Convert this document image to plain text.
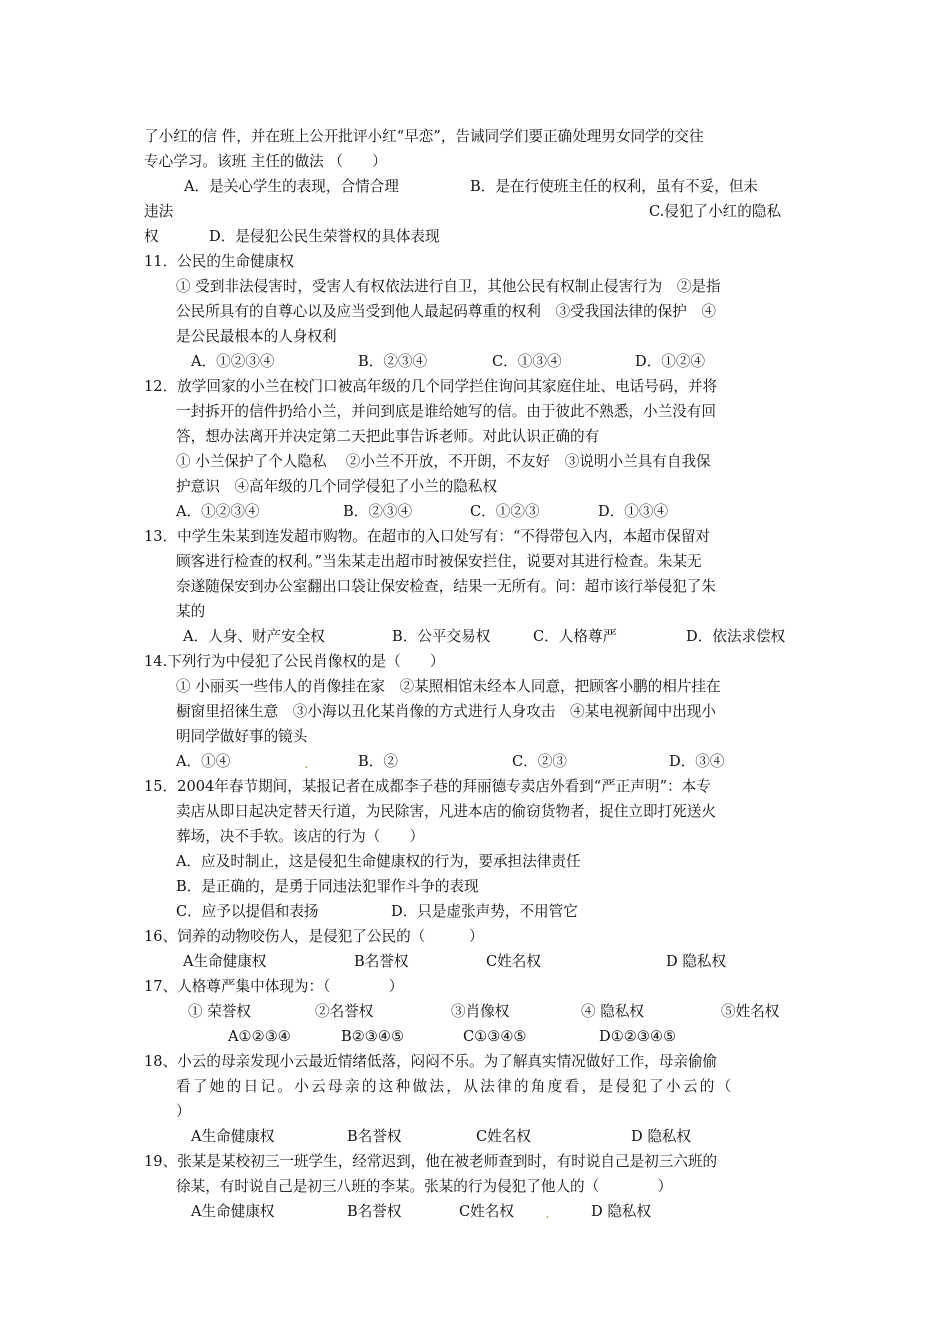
了小红的信 件，并在班上公开批评小红“早恋”，告诫同学们要正确处理男女同学的交往
专心学习。该班 主任的做法 （　　）
A．是关心学生的表现，合情合理	B．是在行使班主任的权利，虽有不妥，但未
违法	C.侵犯了小红的隐私
权	D．是侵犯公民生荣誉权的具体表现
11．公民的生命健康权
① 受到非法侵害时，受害人有权依法进行自卫，其他公民有权制止侵害行为　②是指
公民所具有的自尊心以及应当受到他人最起码尊重的权利　③受我国法律的保护　④
是公民最根本的人身权利
A．①②③④	B．②③④	C．①③④	D．①②④
12．放学回家的小兰在校门口被高年级的几个同学拦住询问其家庭住址、电话号码，并将
一封拆开的信件扔给小兰，并问到底是谁给她写的信。由于彼此不熟悉，小兰没有回
答，想办法离开并决定第二天把此事告诉老师。对此认识正确的有
① 小兰保护了个人隐私　 ②小兰不开放，不开朗，不友好　③说明小兰具有自我保
护意识　④高年级的几个同学侵犯了小兰的隐私权
A．①②③④	B．②③④	C．①②③	D．①③④
13．中学生朱某到连发超市购物。在超市的入口处写有：“不得带包入内，本超市保留对
顾客进行检查的权利。”当朱某走出超市时被保安拦住，说要对其进行检查。朱某无
奈遂随保安到办公室翻出口袋让保安检查，结果一无所有。问：超市该行举侵犯了朱
某的
A．人身、财产安全权	B．公平交易权	C．人格尊严	D．依法求偿权
14.下列行为中侵犯了公民肖像权的是（　　）
① 小丽买一些伟人的肖像挂在家　②某照相馆未经本人同意，把顾客小鹏的相片挂在
橱窗里招徕生意　③小海以丑化某肖像的方式进行人身攻击　④某电视新闻中出现小
明同学做好事的镜头
A．①④	.	B．②	C．②③	D．③④
15．2004年春节期间，某报记者在成都李子巷的拜丽德专卖店外看到“严正声明”：本专
卖店从即日起决定替天行道，为民除害，凡进本店的偷窃货物者，捉住立即打死送火
葬场，决不手软。该店的行为（　　）
A．应及时制止，这是侵犯生命健康权的行为，要承担法律责任
B．是正确的，是勇于同违法犯罪作斗争的表现
C．应予以提倡和表扬	D．只是虚张声势，不用管它
16、饲养的动物咬伤人，是侵犯了公民的（　　　）
A生命健康权	B名誉权	C姓名权	D 隐私权
17、人格尊严集中体现为：（　　　　）
① 荣誉权	②名誉权	③肖像权	④ 隐私权	⑤姓名权
A①②③④	B②③④⑤	C①③④⑤	D①②③④⑤
18、小云的母亲发现小云最近情绪低落，闷闷不乐。为了解真实情况做好工作，母亲偷偷
看了她的日记。小云母亲的这种做法，从法律的角度看，是侵犯了小云的（
）
A生命健康权	B名誉权	C姓名权	D 隐私权
19、张某是某校初三一班学生，经常迟到，他在被老师查到时，有时说自己是初三六班的
徐某，有时说自己是初三八班的李某。张某的行为侵犯了他人的（　　　　）
A生命健康权	B名誉权	C姓名权 .	D 隐私权
